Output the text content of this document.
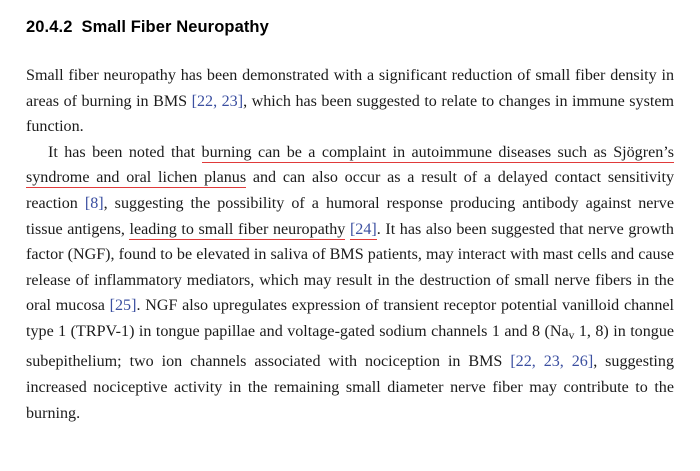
20.4.2 Small Fiber Neuropathy

Small fiber neuropathy has been demonstrated with a significant reduction of small fiber density in areas of burning in BMS [22, 23], which has been suggested to relate to changes in immune system function.

It has been noted that burning can be a complaint in autoimmune diseases such as Sjögren’s syndrome and oral lichen planus and can also occur as a result of a delayed contact sensitivity reaction [8], suggesting the possibility of a humoral response producing antibody against nerve tissue antigens, leading to small fiber neuropathy [24]. It has also been suggested that nerve growth factor (NGF), found to be elevated in saliva of BMS patients, may interact with mast cells and cause release of inflammatory mediators, which may result in the destruction of small nerve fibers in the oral mucosa [25]. NGF also upregulates expression of transient receptor potential vanilloid channel type 1 (TRPV-1) in tongue papillae and voltage-gated sodium channels 1 and 8 ($Na_v$ 1, 8) in tongue subepithelium; two ion channels associated with nociception in BMS [22, 23, 26], suggesting increased nociceptive activity in the remaining small diameter nerve fiber may contribute to the burning.
